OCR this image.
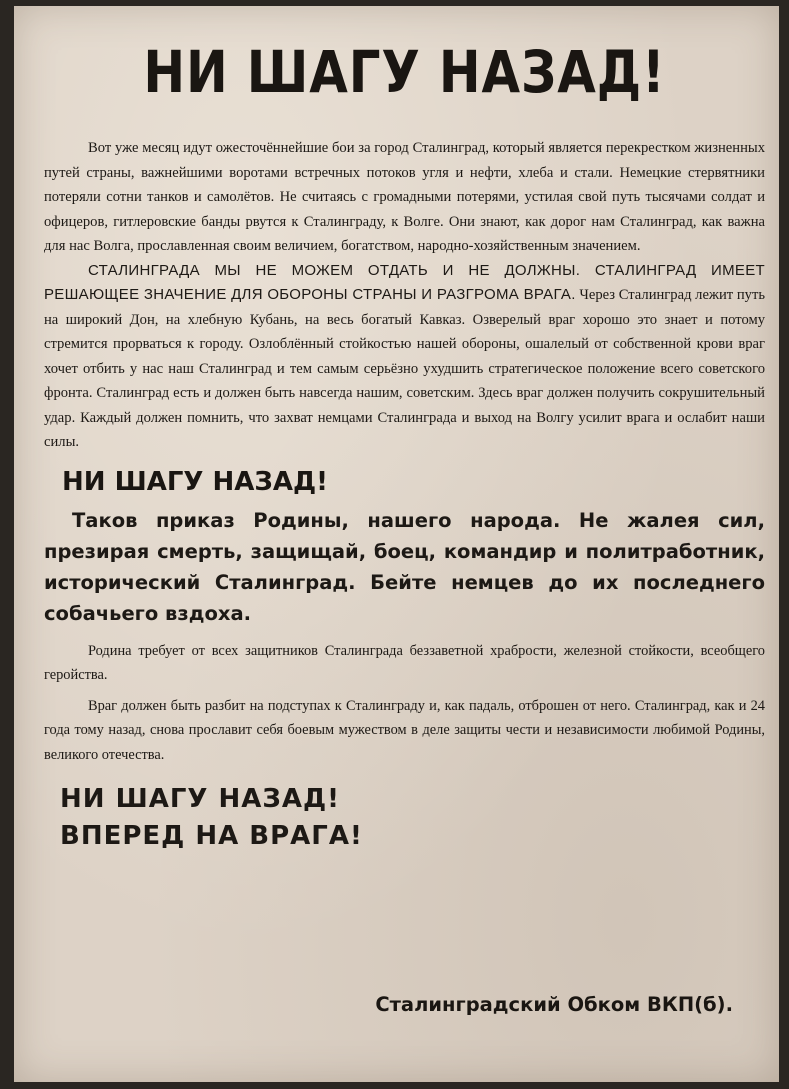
НИ ШАГУ НАЗАД!

Вот уже месяц идут ожесточённейшие бои за город Сталинград, который является перекрестком жизненных путей страны, важнейшими воротами встречных потоков угля и нефти, хлеба и стали. Немецкие стервятники потеряли сотни танков и самолётов. Не считаясь с громадными потерями, устилая свой путь тысячами солдат и офицеров, гитлеровские банды рвутся к Сталинграду, к Волге. Они знают, как дорог нам Сталинград, как важна для нас Волга, прославленная своим величием, богатством, народно-хозяйственным значением.

СТАЛИНГРАДА МЫ НЕ МОЖЕМ ОТДАТЬ И НЕ ДОЛЖНЫ. СТАЛИНГРАД ИМЕЕТ РЕШАЮЩЕЕ ЗНАЧЕНИЕ ДЛЯ ОБОРОНЫ СТРАНЫ И РАЗГРОМА ВРАГА. Через Сталинград лежит путь на широкий Дон, на хлебную Кубань, на весь богатый Кавказ. Озверелый враг хорошо это знает и потому стремится прорваться к городу. Озлоблённый стойкостью нашей обороны, ошалелый от собственной крови враг хочет отбить у нас наш Сталинград и тем самым серьёзно ухудшить стратегическое положение всего советского фронта. Сталинград есть и должен быть навсегда нашим, советским. Здесь враг должен получить сокрушительный удар. Каждый должен помнить, что захват немцами Сталинграда и выход на Волгу усилит врага и ослабит наши силы.

НИ ШАГУ НАЗАД!

Таков приказ Родины, нашего народа. Не жалея сил, презирая смерть, защищай, боец, командир и политработник, исторический Сталинград. Бейте немцев до их последнего собачьего вздоха.

Родина требует от всех защитников Сталинграда беззаветной храбрости, железной стойкости, всеобщего геройства.

Враг должен быть разбит на подступах к Сталинграду и, как падаль, отброшен от него. Сталинград, как и 24 года тому назад, снова прославит себя боевым мужеством в деле защиты чести и независимости любимой Родины, великого отечества.

НИ ШАГУ НАЗАД!
ВПЕРЕД НА ВРАГА!
Сталинградский Обком ВКП(б).
